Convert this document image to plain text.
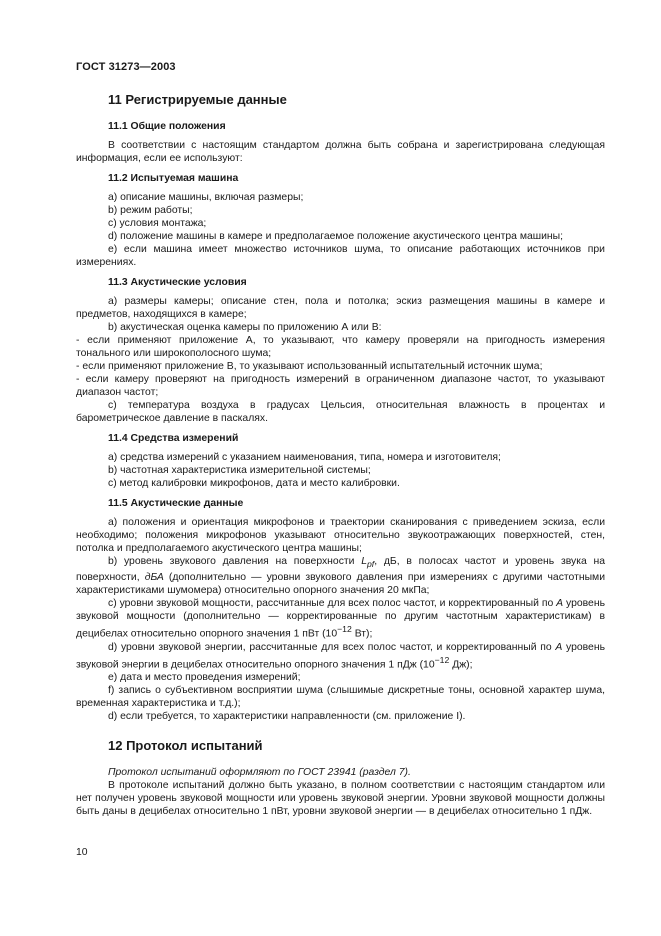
ГОСТ 31273—2003
11 Регистрируемые данные
11.1 Общие положения

В соответствии с настоящим стандартом должна быть собрана и зарегистрирована следующая информация, если ее используют:

11.2 Испытуемая машина

а) описание машины, включая размеры;

b) режим работы;

с) условия монтажа;

d) положение машины в камере и предполагаемое положение акустического центра машины;

е) если машина имеет множество источников шума, то описание работающих источников при измерениях.

11.3 Акустические условия

а) размеры камеры; описание стен, пола и потолка; эскиз размещения машины в камере и предметов, находящихся в камере;

b) акустическая оценка камеры по приложению А или В:

- если применяют приложение А, то указывают, что камеру проверяли на пригодность измерения тонального или широкополосного шума;

- если применяют приложение В, то указывают использованный испытательный источник шума;

- если камеру проверяют на пригодность измерений в ограниченном диапазоне частот, то указывают диапазон частот;

с) температура воздуха в градусах Цельсия, относительная влажность в процентах и барометрическое давление в паскалях.

11.4 Средства измерений

а) средства измерений с указанием наименования, типа, номера и изготовителя;

b) частотная характеристика измерительной системы;

с) метод калибровки микрофонов, дата и место калибровки.

11.5 Акустические данные

а) положения и ориентация микрофонов и траектории сканирования с приведением эскиза, если необходимо; положения микрофонов указывают относительно звукоотражающих поверхностей, стен, потолка и предполагаемого акустического центра машины;

b) уровень звукового давления на поверхности $L_{pf}$, дБ, в полосах частот и уровень звука на поверхности, дБА (дополнительно — уровни звукового давления при измерениях с другими частотными характеристиками шумомера) относительно опорного значения 20 мкПа;

с) уровни звуковой мощности, рассчитанные для всех полос частот, и корректированный по А уровень звуковой мощности (дополнительно — корректированные по другим частотным характеристикам) в децибелах относительно опорного значения 1 пВт ($10^{-12}$ Вт);

d) уровни звуковой энергии, рассчитанные для всех полос частот, и корректированный по А уровень звуковой энергии в децибелах относительно опорного значения 1 пДж ($10^{-12}$ Дж);

е) дата и место проведения измерений;

f) запись о субъективном восприятии шума (слышимые дискретные тоны, основной характер шума, временная характеристика и т.д.);

d) если требуется, то характеристики направленности (см. приложение I).

12 Протокол испытаний

Протокол испытаний оформляют по ГОСТ 23941 (раздел 7).

В протоколе испытаний должно быть указано, в полном соответствии с настоящим стандартом или нет получен уровень звуковой мощности или уровень звуковой энергии. Уровни звуковой мощности должны быть даны в децибелах относительно 1 пВт, уровни звуковой энергии — в децибелах относительно 1 пДж.

10
